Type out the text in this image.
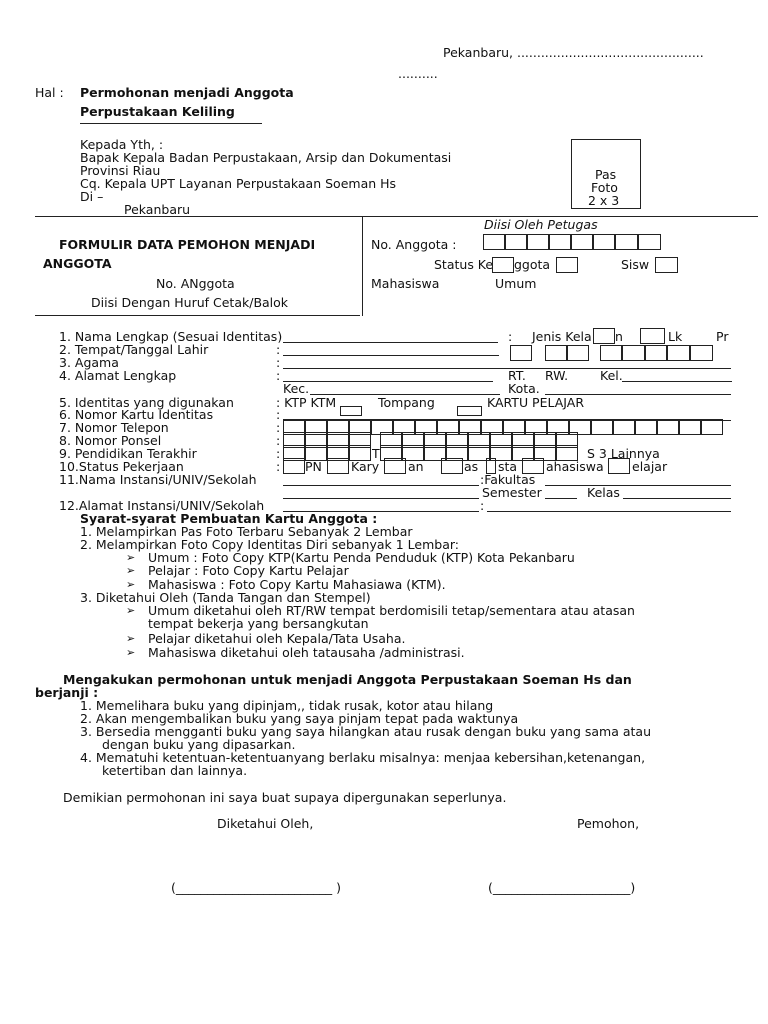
Pekanbaru, ...............................................
..........
Hal : Permohonan menjadi Anggota
Perpustakaan Keliling
Kepada Yth, :
Bapak Kepala Badan Perpustakaan, Arsip dan Dokumentasi
Provinsi Riau
Cq. Kepala UPT Layanan Perpustakaan Soeman Hs
Di –
Pekanbaru
Pas
Foto
2 x 3
Diisi Oleh Petugas
FORMULIR DATA PEMOHON MENJADI
ANGGOTA
No. ANggota
Diisi Dengan Huruf Cetak/Balok
No. Anggota :
Status Ke ggota	Sisw
Mahasiswa	Umum
1. Nama Lengkap (Sesuai Identitas)	: Jenis Kela n	Lk	Pr
2. Tempat/Tanggal Lahir	:
3. Agama	:
4. Alamat Lengkap	:	RT. RW.	Kel.
Kec.	Kota.
5. Identitas yang digunakan	: KTP KTM	Tompang	KARTU PELAJAR
6. Nomor Kartu Identitas	:
7. Nomor Telepon	:
8. Nomor Ponsel	:
9. Pendidikan Terakhir	:	T	S 3 Lainnya
10.Status Pekerjaan	: PN Kary an	as sta ahasiswa elajar
11.Nama Instansi/UNIV/Sekolah	:Fakultas
Semester	Kelas
12.Alamat Instansi/UNIV/Sekolah	:
Syarat-syarat Pembuatan Kartu Anggota :
1. Melampirkan Pas Foto Terbaru Sebanyak 2 Lembar
2. Melampirkan Foto Copy Identitas Diri sebanyak 1 Lembar:
➢ Umum : Foto Copy KTP(Kartu Penda Penduduk (KTP) Kota Pekanbaru
➢ Pelajar : Foto Copy Kartu Pelajar
➢ Mahasiswa : Foto Copy Kartu Mahasiawa (KTM).
3. Diketahui Oleh (Tanda Tangan dan Stempel)
➢ Umum diketahui oleh RT/RW tempat berdomisili tetap/sementara atau atasan
tempat bekerja yang bersangkutan
➢ Pelajar diketahui oleh Kepala/Tata Usaha.
➢ Mahasiswa diketahui oleh tatausaha /administrasi.
Mengakukan permohonan untuk menjadi Anggota Perpustakaan Soeman Hs dan
berjanji :
1. Memelihara buku yang dipinjam,, tidak rusak, kotor atau hilang
2. Akan mengembalikan buku yang saya pinjam tepat pada waktunya
3. Bersedia mengganti buku yang saya hilangkan atau rusak dengan buku yang sama atau
dengan buku yang dipasarkan.
4. Mematuhi ketentuan-ketentuanyang berlaku misalnya: menjaa kebersihan,ketenangan,
ketertiban dan lainnya.
Demikian permohonan ini saya buat supaya dipergunakan seperlunya.
Diketahui Oleh,	Pemohon,
(_________________________ )	(______________________)
